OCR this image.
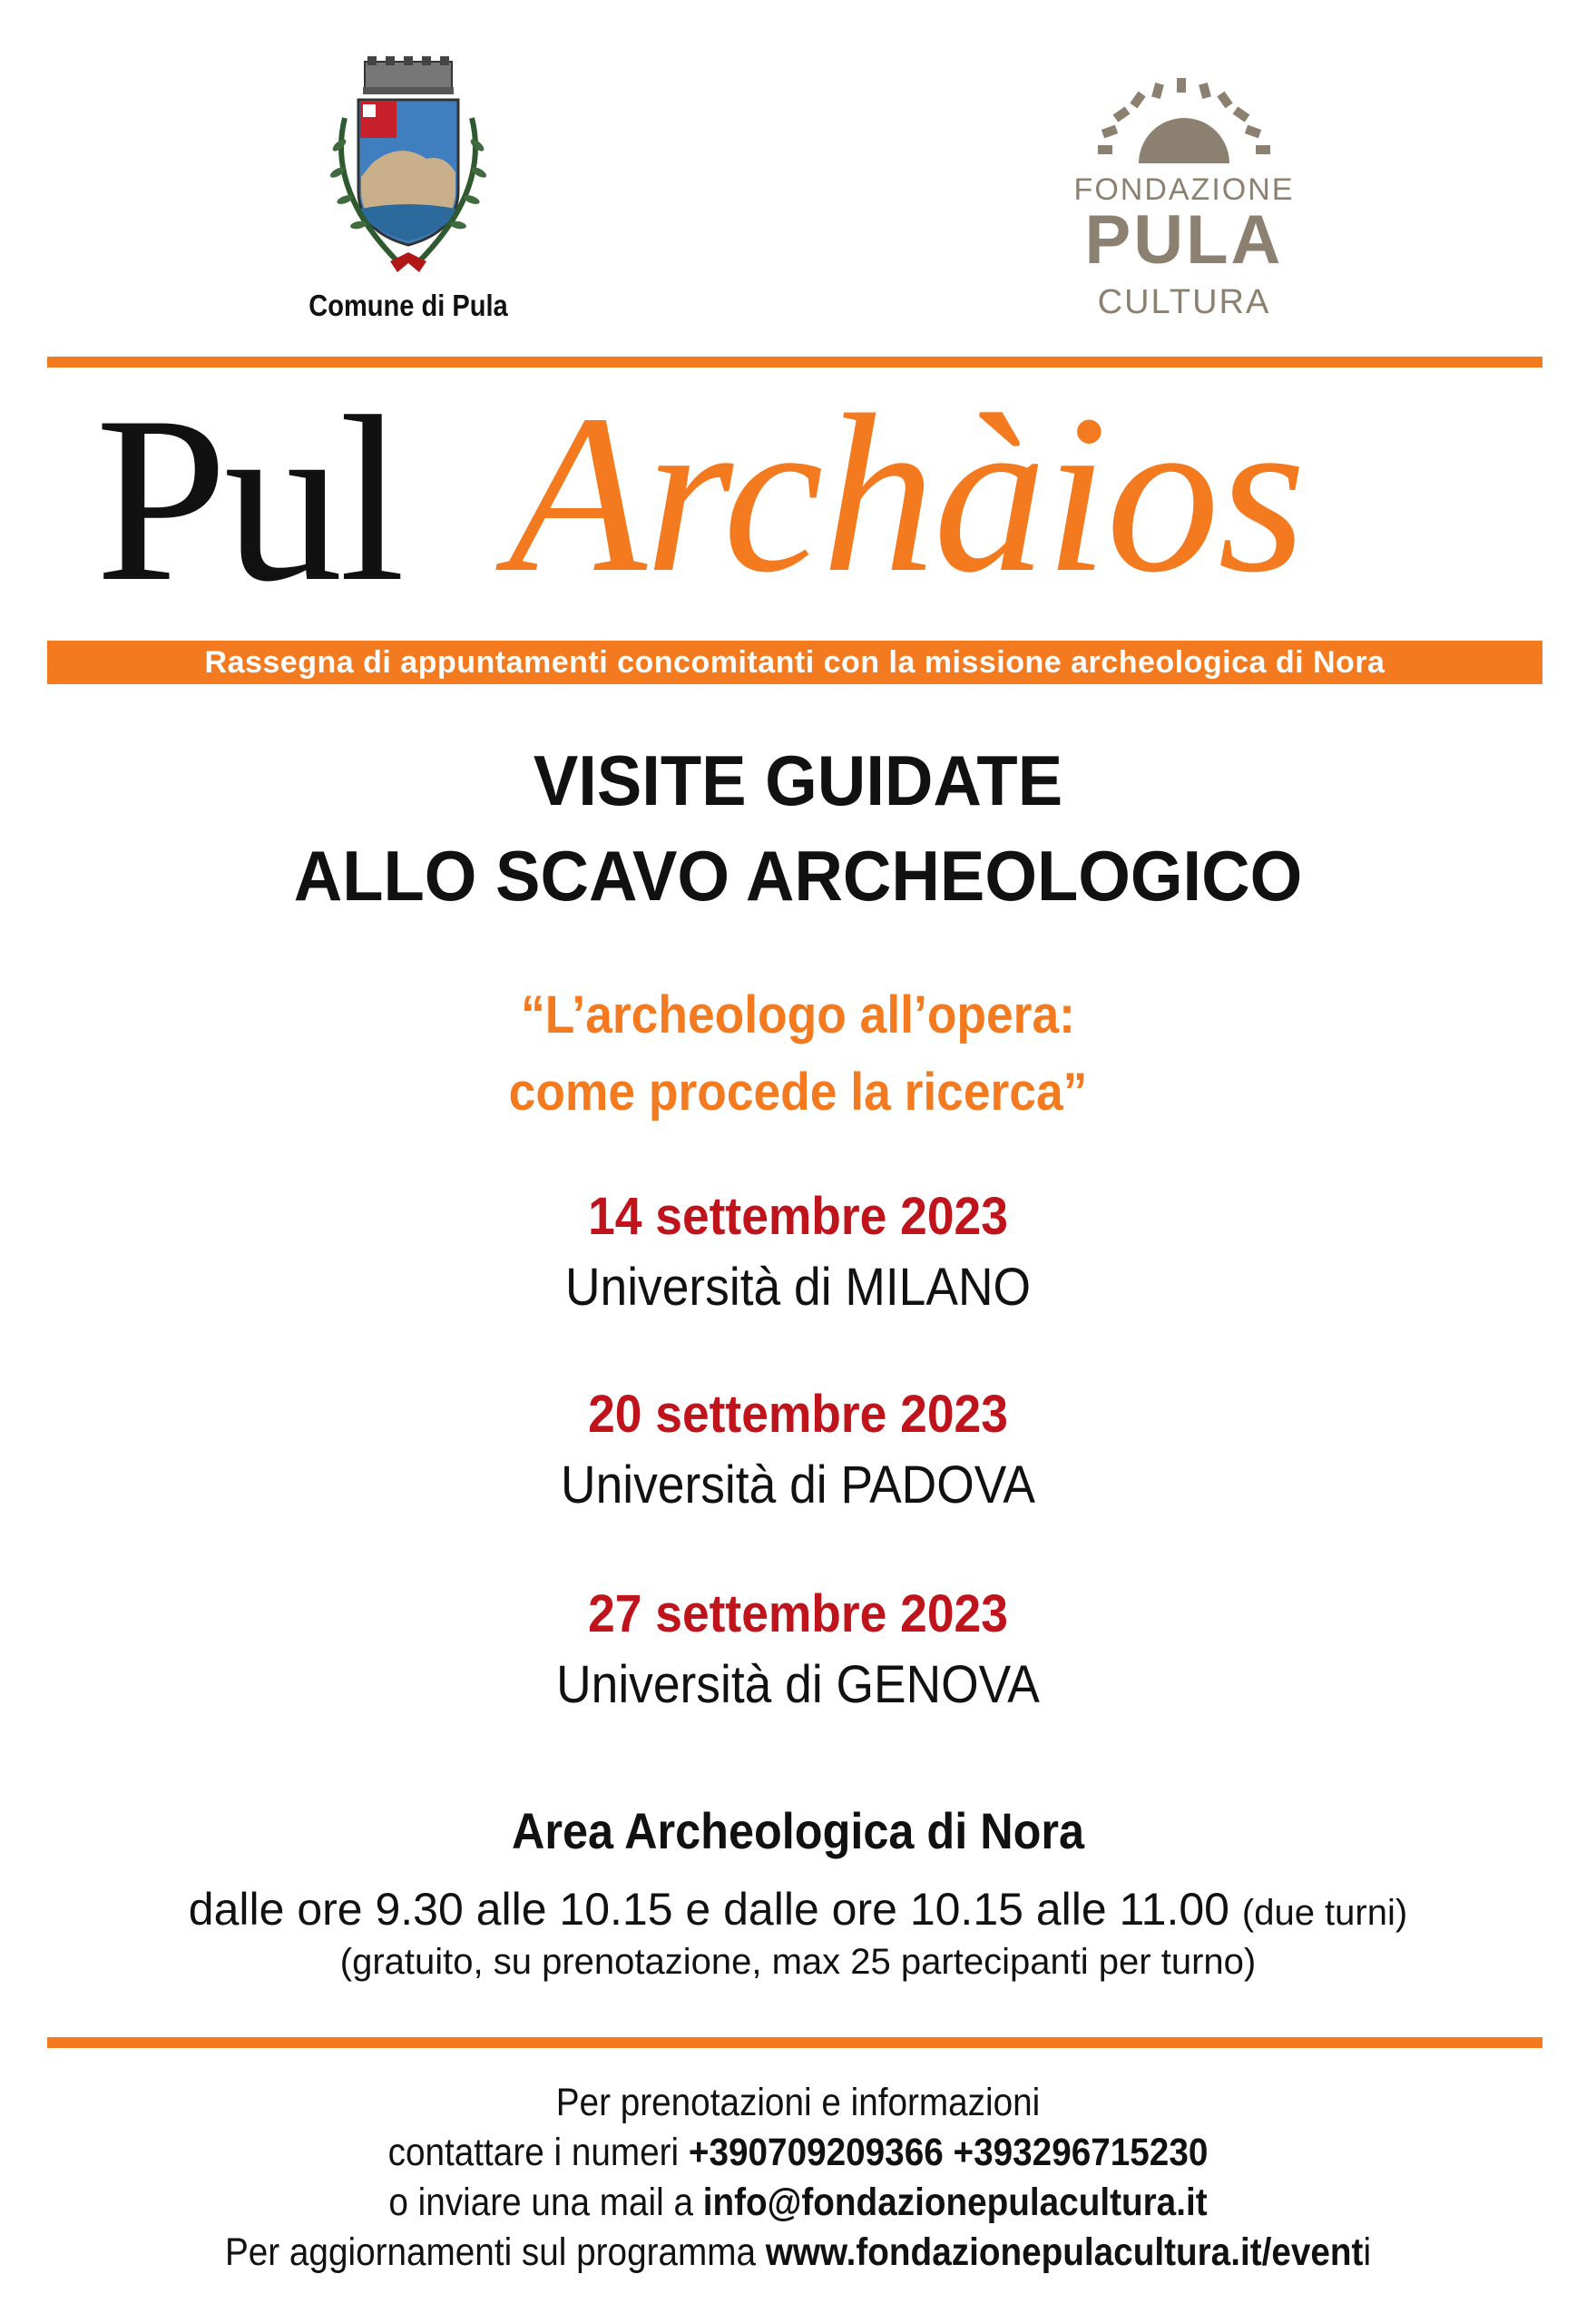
Comune di Pula
FONDAZIONE
PULA
CULTURA
Pul Archàios
Rassegna di appuntamenti concomitanti con la missione archeologica di Nora
VISITE GUIDATE
ALLO SCAVO ARCHEOLOGICO
“L’archeologo all’opera:
come procede la ricerca”
14 settembre 2023
Università di MILANO
20 settembre 2023
Università di PADOVA
27 settembre 2023
Università di GENOVA
Area Archeologica di Nora
dalle ore 9.30 alle 10.15 e dalle ore 10.15 alle 11.00 (due turni)
(gratuito, su prenotazione, max 25 partecipanti per turno)
Per prenotazioni e informazioni
contattare i numeri +390709209366 +393296715230
o inviare una mail a info@fondazionepulacultura.it
Per aggiornamenti sul programma www.fondazionepulacultura.it/eventi
